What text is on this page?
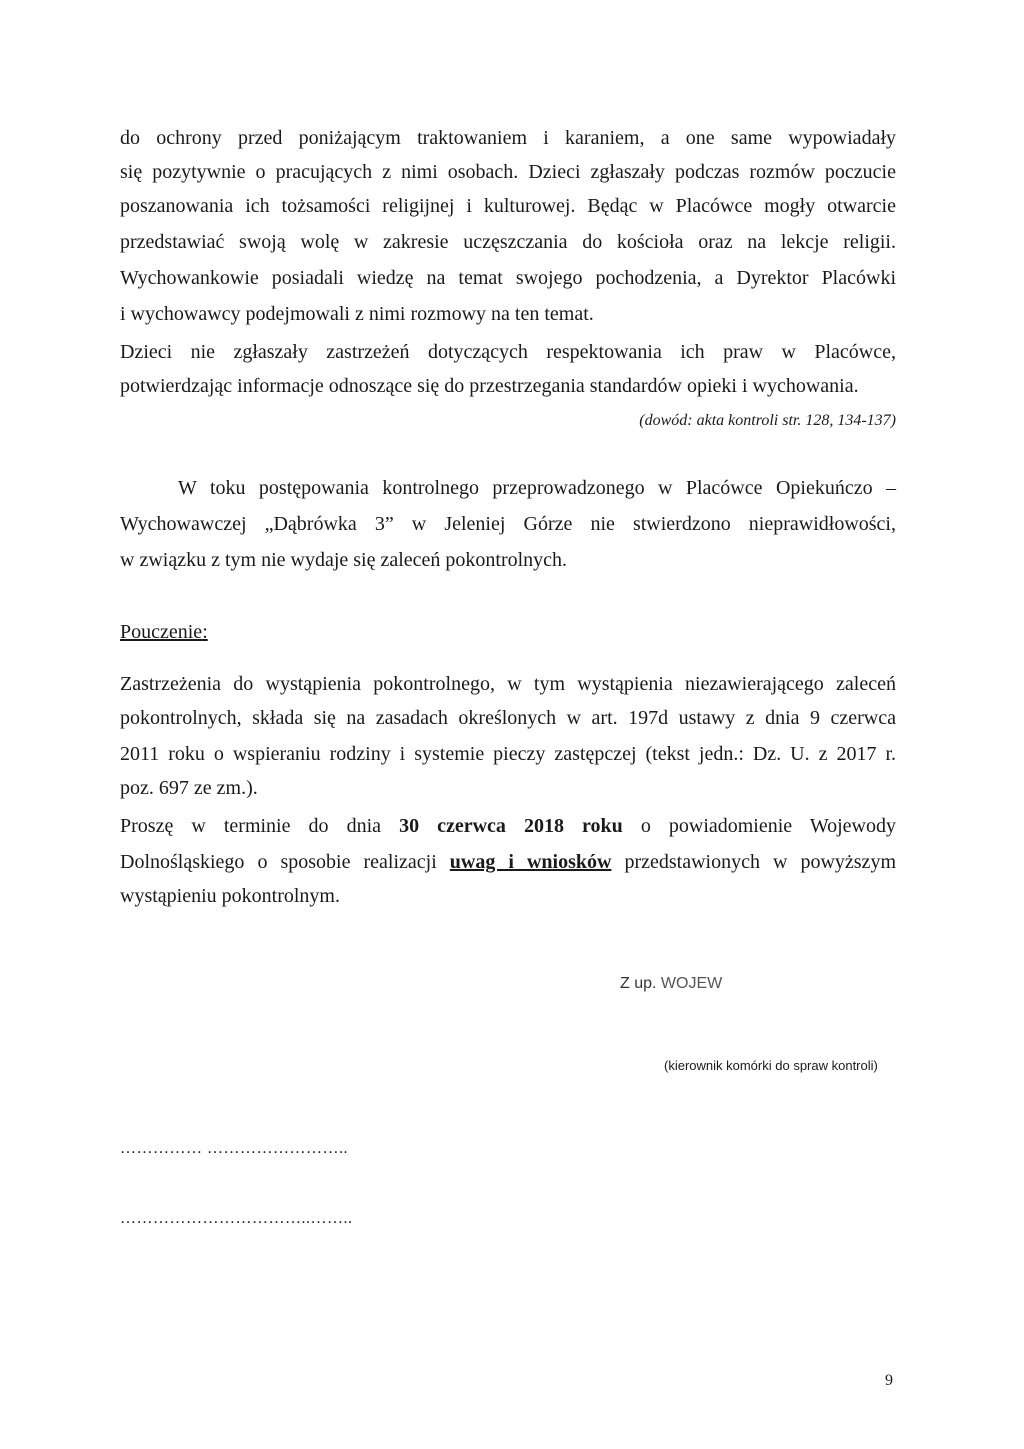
do ochrony przed poniżającym traktowaniem i karaniem, a one same wypowiadały
się pozytywnie o pracujących z nimi osobach. Dzieci zgłaszały podczas rozmów poczucie
poszanowania ich tożsamości religijnej i kulturowej. Będąc w Placówce mogły otwarcie
przedstawiać swoją wolę w zakresie uczęszczania do kościoła oraz na lekcje religii.
Wychowankowie posiadali wiedzę na temat swojego pochodzenia, a Dyrektor Placówki
i wychowawcy podejmowali z nimi rozmowy na ten temat.
Dzieci nie zgłaszały zastrzeżeń dotyczących respektowania ich praw w Placówce,
potwierdzając informacje odnoszące się do przestrzegania standardów opieki i wychowania.
(dowód: akta kontroli str. 128, 134-137)
W toku postępowania kontrolnego przeprowadzonego w Placówce Opiekuńczo –
Wychowawczej „Dąbrówka 3” w Jeleniej Górze nie stwierdzono nieprawidłowości,
w związku z tym nie wydaje się zaleceń pokontrolnych.
Pouczenie:
Zastrzeżenia do wystąpienia pokontrolnego, w tym wystąpienia niezawierającego zaleceń
pokontrolnych, składa się na zasadach określonych w art. 197d ustawy z dnia 9 czerwca
2011 roku o wspieraniu rodziny i systemie pieczy zastępczej (tekst jedn.: Dz. U. z 2017 r.
poz. 697 ze zm.).
Proszę w terminie do dnia 30 czerwca 2018 roku o powiadomienie Wojewody
Dolnośląskiego o sposobie realizacji uwag i wniosków przedstawionych w powyższym
wystąpieniu pokontrolnym.
Z up. WOJEW
(kierownik komórki do spraw kontroli)
…………… ……………………..
……………………………..……..
9
